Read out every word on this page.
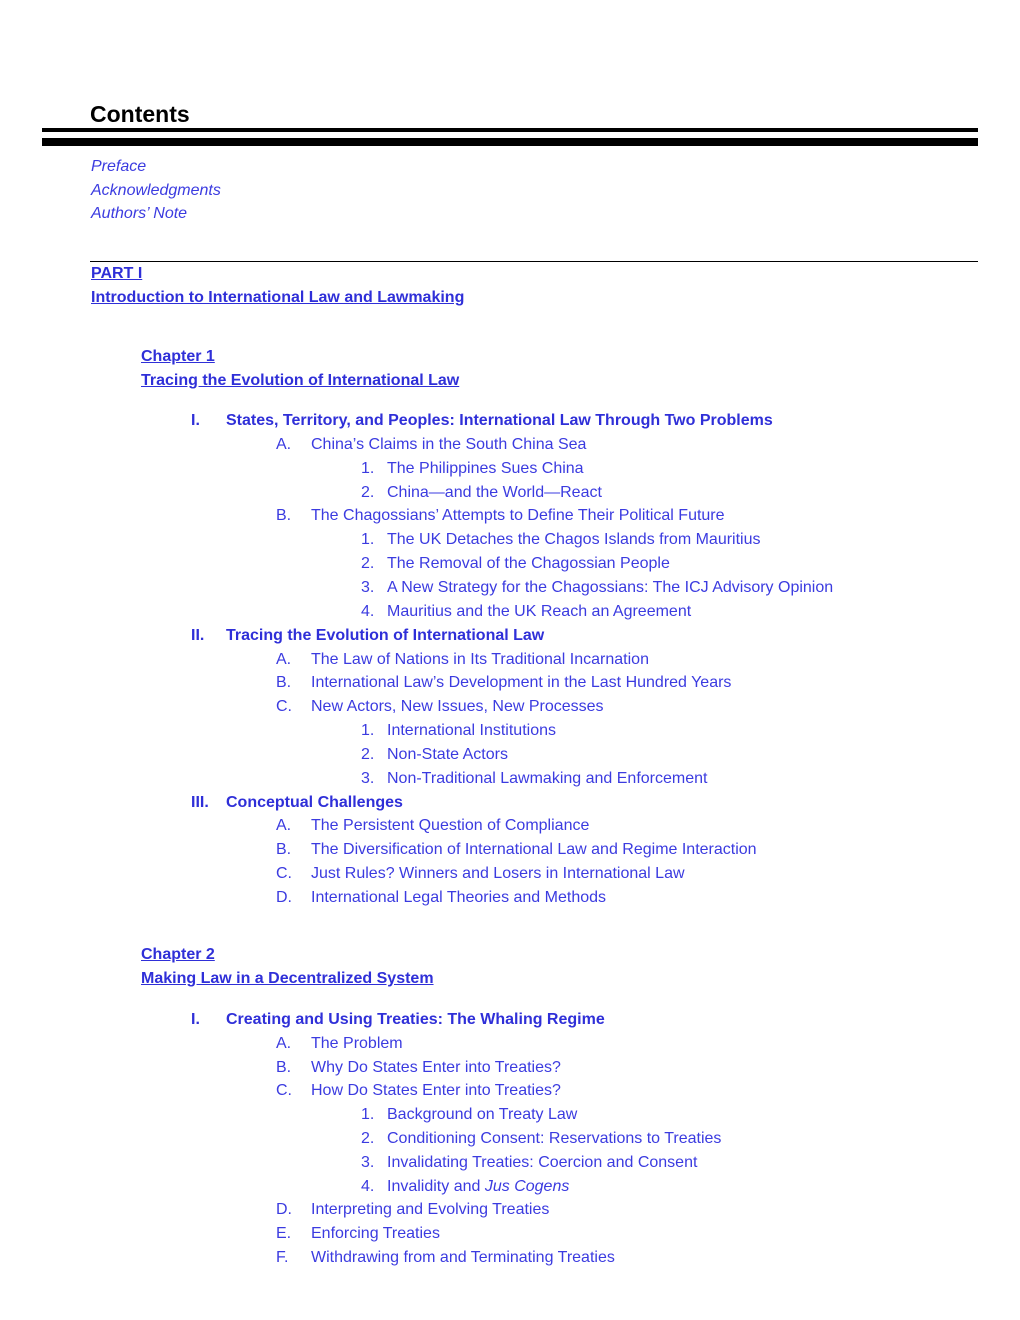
Contents
Preface
Acknowledgments
Authors’ Note
PART I
Introduction to International Law and Lawmaking
Chapter 1
Tracing the Evolution of International Law
Chapter 2
Making Law in a Decentralized System
I. States, Territory, and Peoples: International Law Through Two Problems
A. China’s Claims in the South China Sea
1. The Philippines Sues China
2. China—and the World—React
B. The Chagossians’ Attempts to Define Their Political Future
1. The UK Detaches the Chagos Islands from Mauritius
2. The Removal of the Chagossian People
3. A New Strategy for the Chagossians: The ICJ Advisory Opinion
4. Mauritius and the UK Reach an Agreement
II. Tracing the Evolution of International Law
A. The Law of Nations in Its Traditional Incarnation
B. International Law’s Development in the Last Hundred Years
C. New Actors, New Issues, New Processes
1. International Institutions
2. Non-State Actors
3. Non-Traditional Lawmaking and Enforcement
III. Conceptual Challenges
A. The Persistent Question of Compliance
B. The Diversification of International Law and Regime Interaction
C. Just Rules? Winners and Losers in International Law
D. International Legal Theories and Methods
I. Creating and Using Treaties: The Whaling Regime
A. The Problem
B. Why Do States Enter into Treaties?
C. How Do States Enter into Treaties?
1. Background on Treaty Law
2. Conditioning Consent: Reservations to Treaties
3. Invalidating Treaties: Coercion and Consent
4. Invalidity and Jus Cogens
D. Interpreting and Evolving Treaties
E. Enforcing Treaties
F. Withdrawing from and Terminating Treaties
